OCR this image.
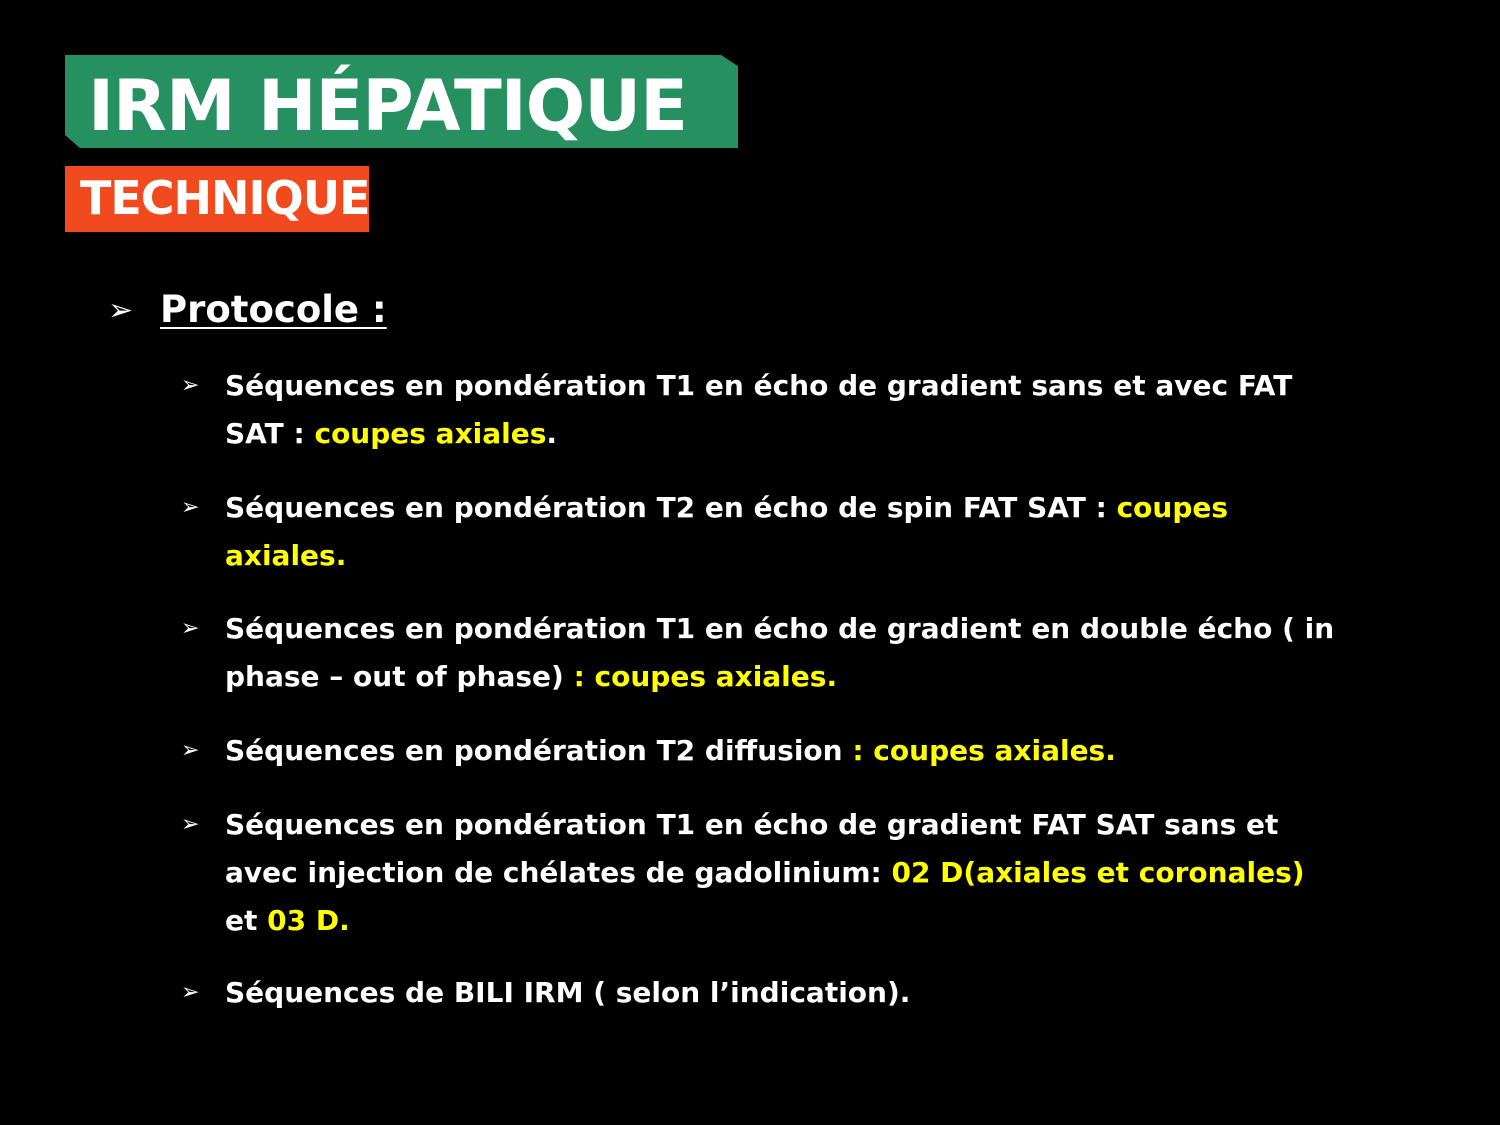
IRM HÉPATIQUE
TECHNIQUE
➢ Protocole :
➢ Séquences en pondération T1 en écho de gradient sans et avec FAT SAT : coupes axiales.
➢ Séquences en pondération T2 en écho de spin FAT SAT : coupes axiales.
➢ Séquences en pondération T1 en écho de gradient en double écho ( in phase – out of phase) : coupes axiales.
➢ Séquences en pondération T2 diffusion : coupes axiales.
➢ Séquences en pondération T1 en écho de gradient FAT SAT sans et avec injection de chélates de gadolinium: 02 D(axiales et coronales) et 03 D.
➢ Séquences de BILI IRM ( selon l’indication).
